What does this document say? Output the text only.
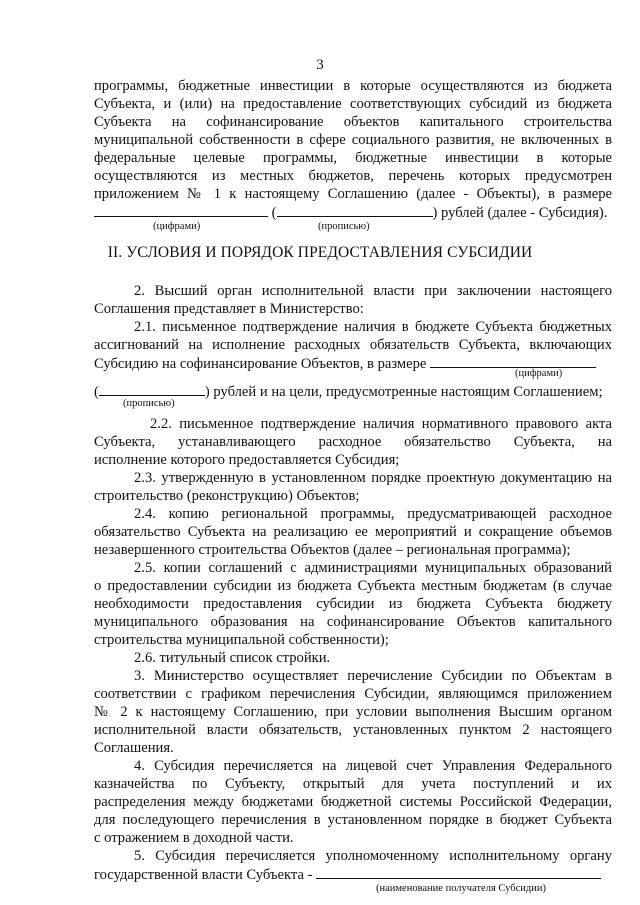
3
программы, бюджетные инвестиции в которые осуществляются из бюджета
Субъекта, и (или) на предоставление соответствующих субсидий из бюджета
Субъекта на софинансирование объектов капитального строительства
муниципальной собственности в сфере социального развития, не включенных в
федеральные целевые программы, бюджетные инвестиции в которые
осуществляются из местных бюджетов, перечень которых предусмотрен
приложением № 1 к настоящему Соглашению (далее - Объекты), в размере
(	) рублей (далее - Субсидия).
(цифрами)	(прописью)
II. УСЛОВИЯ И ПОРЯДОК ПРЕДОСТАВЛЕНИЯ СУБСИДИИ
2. Высший орган исполнительной власти при заключении настоящего
Соглашения представляет в Министерство:
2.1. письменное подтверждение наличия в бюджете Субъекта бюджетных
ассигнований на исполнение расходных обязательств Субъекта, включающих
Субсидию на софинансирование Объектов, в размере
(цифрами)
(	) рублей и на цели, предусмотренные настоящим Соглашением;
(прописью)
2.2. письменное подтверждение наличия нормативного правового акта
Субъекта, устанавливающего расходное обязательство Субъекта, на
исполнение которого предоставляется Субсидия;
2.3. утвержденную в установленном порядке проектную документацию на
строительство (реконструкцию) Объектов;
2.4. копию региональной программы, предусматривающей расходное
обязательство Субъекта на реализацию ее мероприятий и сокращение объемов
незавершенного строительства Объектов (далее – региональная программа);
2.5. копии соглашений с администрациями муниципальных образований
о предоставлении субсидии из бюджета Субъекта местным бюджетам (в случае
необходимости предоставления субсидии из бюджета Субъекта бюджету
муниципального образования на софинансирование Объектов капитального
строительства муниципальной собственности);
2.6. титульный список стройки.
3. Министерство осуществляет перечисление Субсидии по Объектам в
соответствии с графиком перечисления Субсидии, являющимся приложением
№ 2 к настоящему Соглашению, при условии выполнения Высшим органом
исполнительной власти обязательств, установленных пунктом 2 настоящего
Соглашения.
4. Субсидия перечисляется на лицевой счет Управления Федерального
казначейства по Субъекту, открытый для учета поступлений и их
распределения между бюджетами бюджетной системы Российской Федерации,
для последующего перечисления в установленном порядке в бюджет Субъекта
с отражением в доходной части.
5. Субсидия перечисляется уполномоченному исполнительному органу
государственной власти Субъекта -
(наименование получателя Субсидии)
